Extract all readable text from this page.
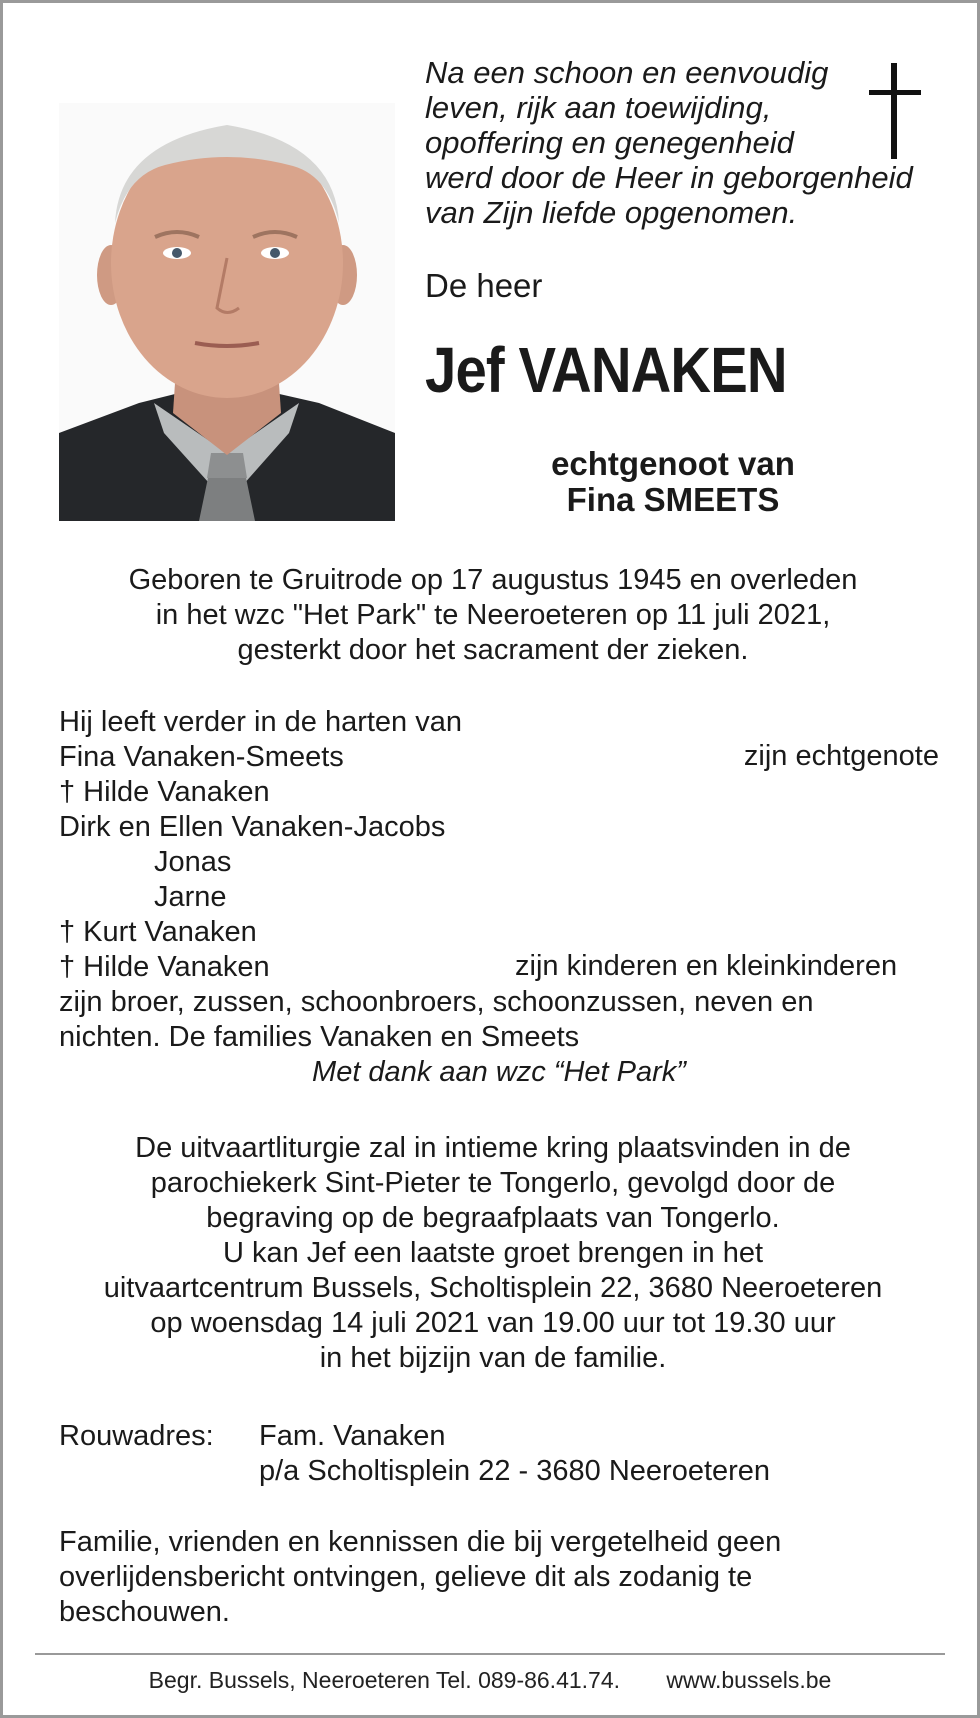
Na een schoon en eenvoudig
leven, rijk aan toewijding,
opoffering en genegenheid
werd door de Heer in geborgenheid
van Zijn liefde opgenomen.
De heer
Jef VANAKEN
echtgenoot van
Fina SMEETS
Geboren te Gruitrode op 17 augustus 1945 en overleden
in het wzc "Het Park" te Neeroeteren op 11 juli 2021,
gesterkt door het sacrament der zieken.
Hij leeft verder in de harten van
Fina Vanaken-Smeets
† Hilde Vanaken
Dirk en Ellen Vanaken-Jacobs
Jonas
Jarne
† Kurt Vanaken
† Hilde Vanaken
zijn broer, zussen, schoonbroers, schoonzussen, neven en
nichten. De families Vanaken en Smeets
Met dank aan wzc “Het Park”
zijn echtgenote
zijn kinderen en kleinkinderen
De uitvaartliturgie zal in intieme kring plaatsvinden in de
parochiekerk Sint-Pieter te Tongerlo, gevolgd door de
begraving op de begraafplaats van Tongerlo.
U kan Jef een laatste groet brengen in het
uitvaartcentrum Bussels, Scholtisplein 22, 3680 Neeroeteren
op woensdag 14 juli 2021 van 19.00 uur tot 19.30 uur
in het bijzijn van de familie.
Rouwadres: Fam. Vanaken
p/a Scholtisplein 22 - 3680 Neeroeteren
Familie, vrienden en kennissen die bij vergetelheid geen
overlijdensbericht ontvingen, gelieve dit als zodanig te
beschouwen.
Begr. Bussels, Neeroeteren Tel. 089-86.41.74. www.bussels.be
